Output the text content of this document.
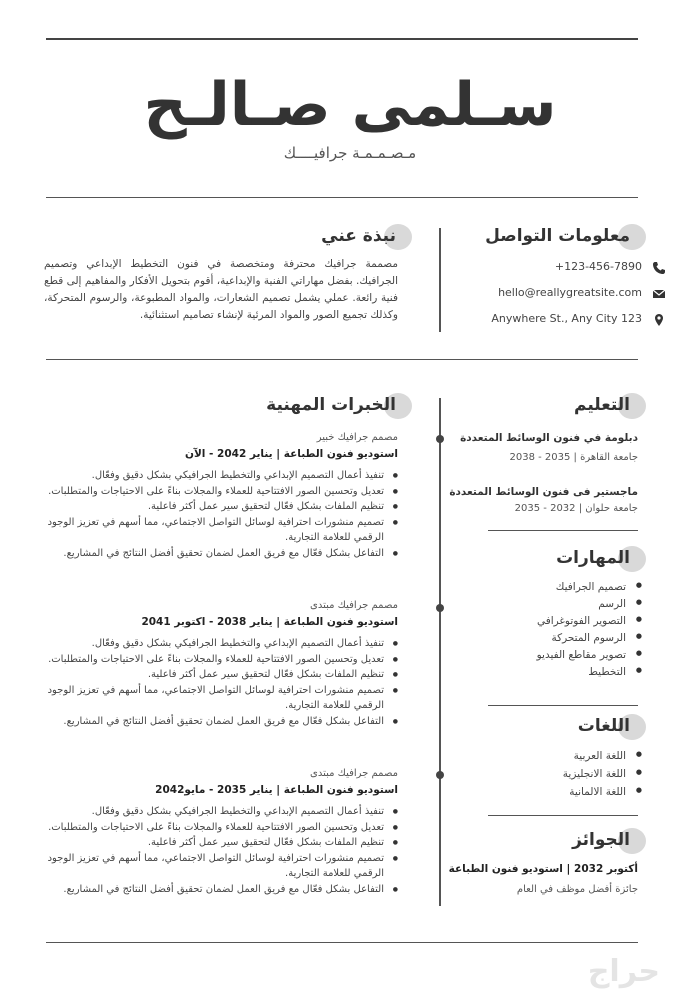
سـلمى صـالـح
مـصـمـمـة جرافيــــك
معلومات التواصل
+123-456-7890
hello@reallygreatsite.com
Anywhere St., Any City 123
نبذة عني
مصممة جرافيك محترفة ومتخصصة في فنون التخطيط الإبداعي وتصميم الجرافيك. بفضل مهاراتي الفنية والإبداعية، أقوم بتحويل الأفكار والمفاهيم إلى قطع فنية رائعة. عملي يشمل تصميم الشعارات، والمواد المطبوعة، والرسوم المتحركة، وكذلك تجميع الصور والمواد المرئية لإنشاء تصاميم استثنائية.
التعليم
دبلومة في فنون الوسائط المتعددة
جامعة القاهرة | 2035 - 2038
ماجستير فى فنون الوسائط المتعددة
جامعة حلوان | 2032 - 2035
المهارات
● تصميم الجرافيك
● الرسم
● التصوير الفوتوغرافي
● الرسوم المتحركة
● تصوير مقاطع الفيديو
● التخطيط
اللغات
● اللغة العربية
● اللغة الانجليزية
● اللغة الالمانية
الجوائز
أكتوبر 2032 | استوديو فنون الطباعة
جائزة أفضل موظف في العام
الخبرات المهنية
مصمم جرافيك خبير
استوديو فنون الطباعة | يناير 2042 - الآن
● تنفيذ أعمال التصميم الإبداعي والتخطيط الجرافيكي بشكل دقيق وفعّال.
● تعديل وتحسين الصور الافتتاحية للعملاء والمجلات بناءً على الاحتياجات والمتطلبات.
● تنظيم الملفات بشكل فعّال لتحقيق سير عمل أكثر فاعلية.
● تصميم منشورات احترافية لوسائل التواصل الاجتماعي، مما أسهم في تعزيز الوجود الرقمي للعلامة التجارية.
● التفاعل بشكل فعّال مع فريق العمل لضمان تحقيق أفضل النتائج في المشاريع.
مصمم جرافيك مبتدى
استوديو فنون الطباعة | يناير 2038 - اكتوبر 2041
● تنفيذ أعمال التصميم الإبداعي والتخطيط الجرافيكي بشكل دقيق وفعّال.
● تعديل وتحسين الصور الافتتاحية للعملاء والمجلات بناءً على الاحتياجات والمتطلبات.
● تنظيم الملفات بشكل فعّال لتحقيق سير عمل أكثر فاعلية.
● تصميم منشورات احترافية لوسائل التواصل الاجتماعي، مما أسهم في تعزيز الوجود الرقمي للعلامة التجارية.
● التفاعل بشكل فعّال مع فريق العمل لضمان تحقيق أفضل النتائج في المشاريع.
مصمم جرافيك مبتدى
استوديو فنون الطباعة | يناير 2035 - مايو2042
● تنفيذ أعمال التصميم الإبداعي والتخطيط الجرافيكي بشكل دقيق وفعّال.
● تعديل وتحسين الصور الافتتاحية للعملاء والمجلات بناءً على الاحتياجات والمتطلبات.
● تنظيم الملفات بشكل فعّال لتحقيق سير عمل أكثر فاعلية.
● تصميم منشورات احترافية لوسائل التواصل الاجتماعي، مما أسهم في تعزيز الوجود الرقمي للعلامة التجارية.
● التفاعل بشكل فعّال مع فريق العمل لضمان تحقيق أفضل النتائج في المشاريع.
حراج
